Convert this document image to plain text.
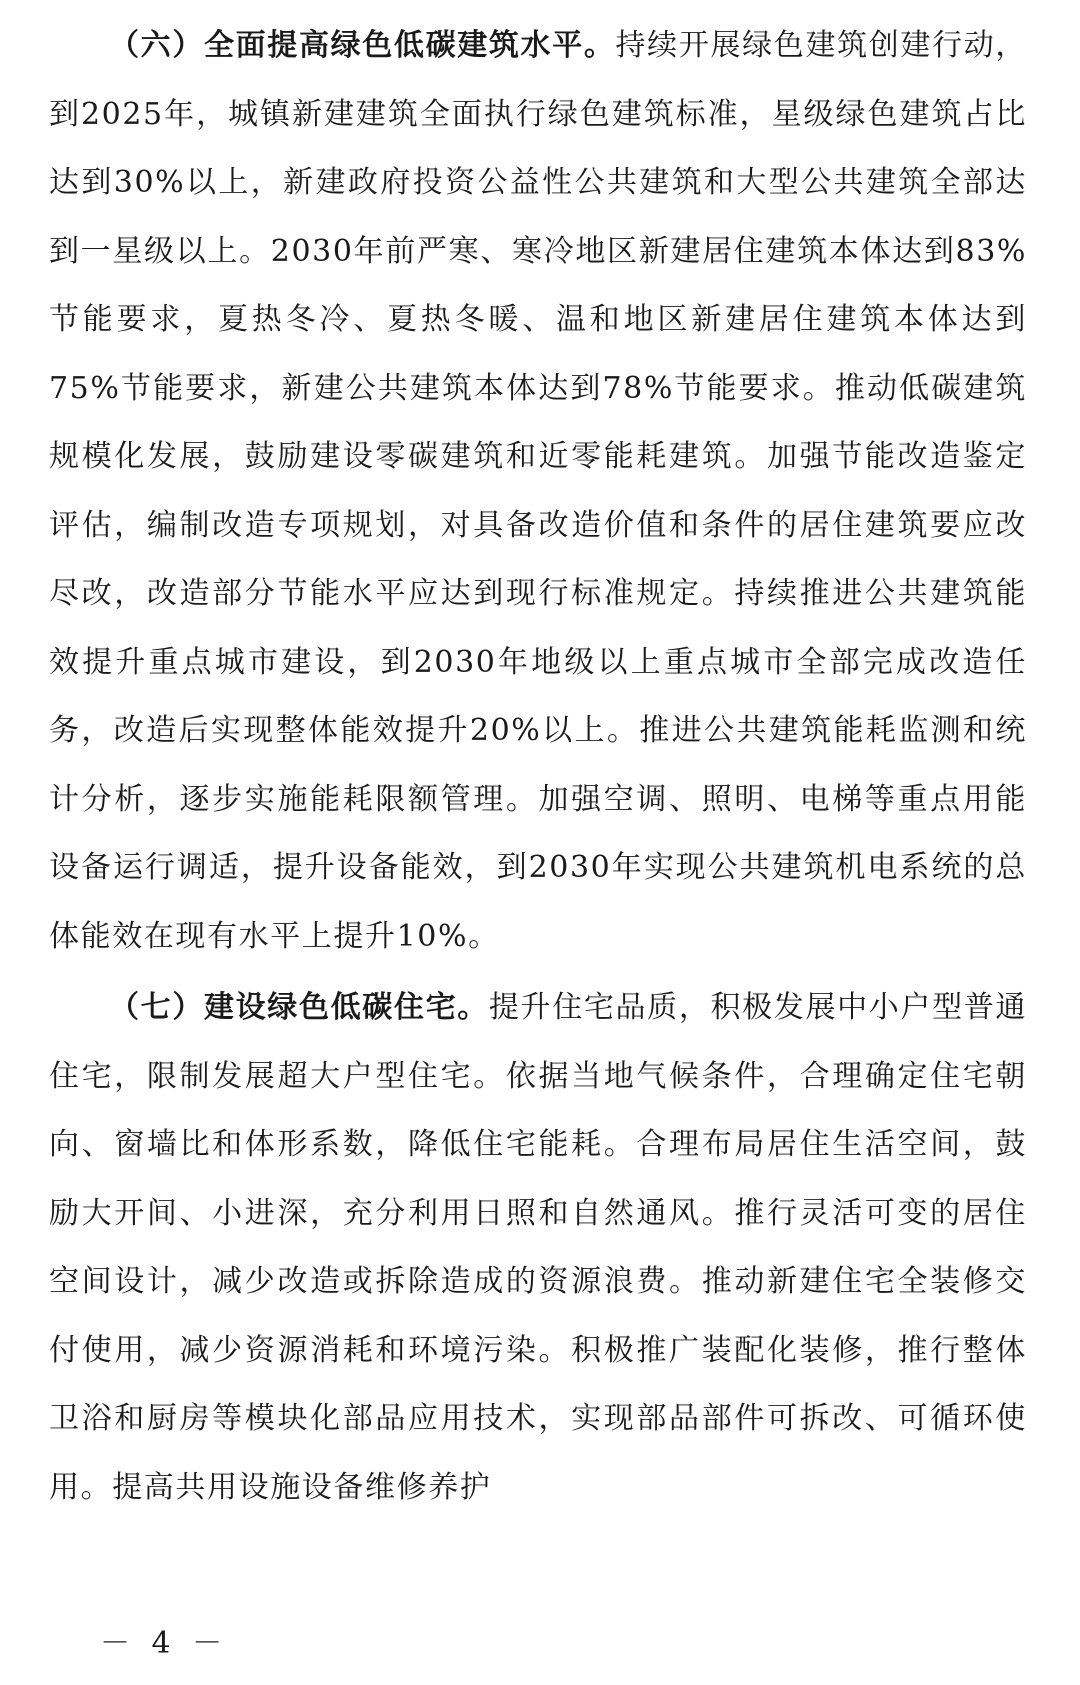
（六）全面提高绿色低碳建筑水平。持续开展绿色建筑创建行动，到2025年，城镇新建建筑全面执行绿色建筑标准，星级绿色建筑占比达到30%以上，新建政府投资公益性公共建筑和大型公共建筑全部达到一星级以上。2030年前严寒、寒冷地区新建居住建筑本体达到83%节能要求，夏热冬冷、夏热冬暖、温和地区新建居住建筑本体达到75%节能要求，新建公共建筑本体达到78%节能要求。推动低碳建筑规模化发展，鼓励建设零碳建筑和近零能耗建筑。加强节能改造鉴定评估，编制改造专项规划，对具备改造价值和条件的居住建筑要应改尽改，改造部分节能水平应达到现行标准规定。持续推进公共建筑能效提升重点城市建设，到2030年地级以上重点城市全部完成改造任务，改造后实现整体能效提升20%以上。推进公共建筑能耗监测和统计分析，逐步实施能耗限额管理。加强空调、照明、电梯等重点用能设备运行调适，提升设备能效，到2030年实现公共建筑机电系统的总体能效在现有水平上提升10%。

（七）建设绿色低碳住宅。提升住宅品质，积极发展中小户型普通住宅，限制发展超大户型住宅。依据当地气候条件，合理确定住宅朝向、窗墙比和体形系数，降低住宅能耗。合理布局居住生活空间，鼓励大开间、小进深，充分利用日照和自然通风。推行灵活可变的居住空间设计，减少改造或拆除造成的资源浪费。推动新建住宅全装修交付使用，减少资源消耗和环境污染。积极推广装配化装修，推行整体卫浴和厨房等模块化部品应用技术，实现部品部件可拆改、可循环使用。提高共用设施设备维修养护

－ 4 －
